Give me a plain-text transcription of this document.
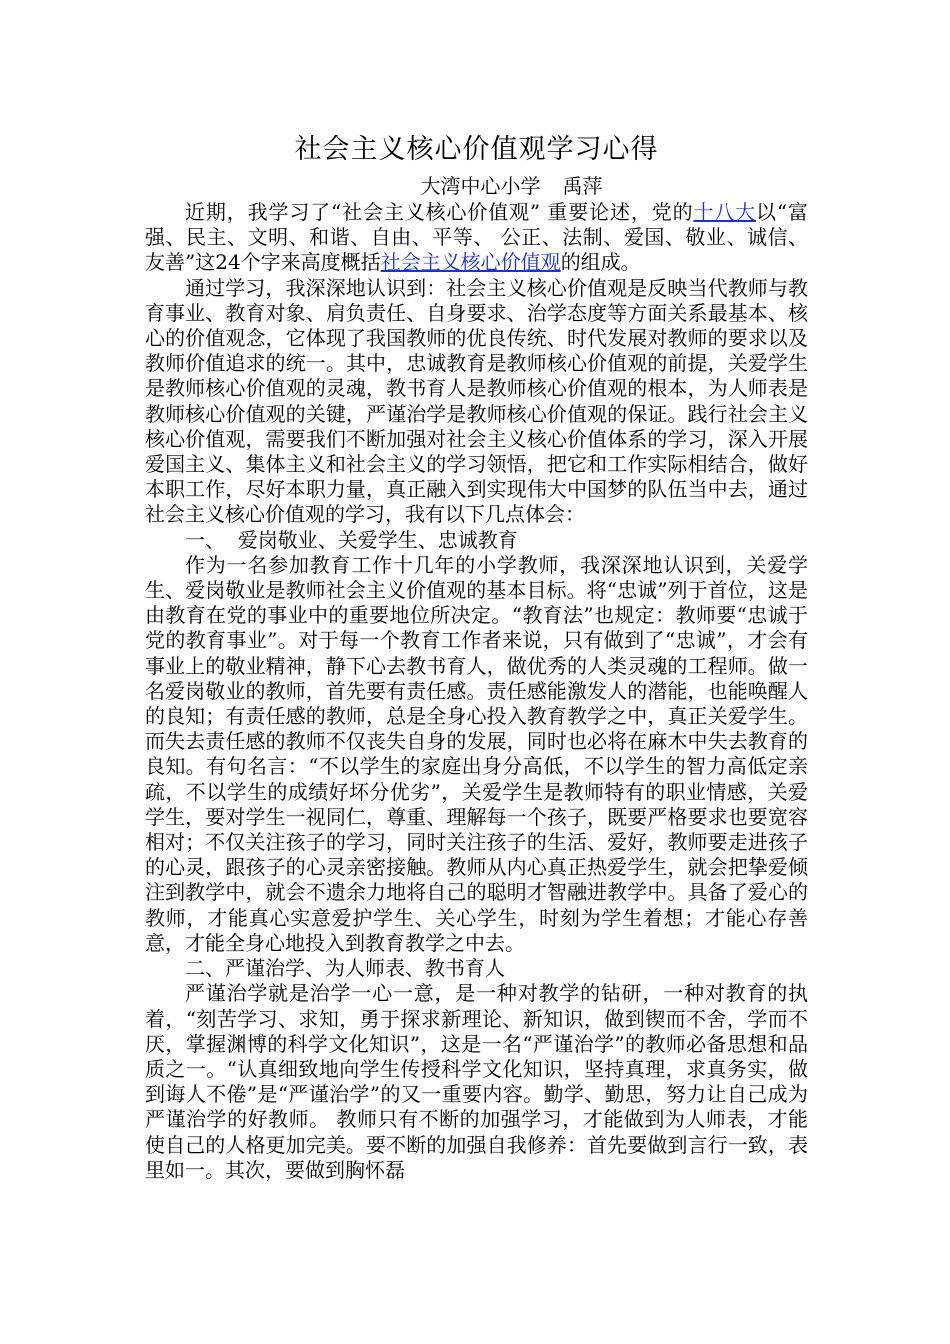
社会主义核心价值观学习心得
大湾中心小学 禹萍

近期，我学习了“社会主义核心价值观” 重要论述，党的十八大以“富强、民主、文明、和谐、自由、平等、 公正、法制、爱国、敬业、诚信、友善”这24个字来高度概括社会主义核心价值观的组成。

通过学习，我深深地认识到：社会主义核心价值观是反映当代教师与教育事业、教育对象、肩负责任、自身要求、治学态度等方面关系最基本、核心的价值观念，它体现了我国教师的优良传统、时代发展对教师的要求以及教师价值追求的统一。其中，忠诚教育是教师核心价值观的前提，关爱学生是教师核心价值观的灵魂，教书育人是教师核心价值观的根本，为人师表是教师核心价值观的关键，严谨治学是教师核心价值观的保证。践行社会主义核心价值观，需要我们不断加强对社会主义核心价值体系的学习，深入开展爱国主义、集体主义和社会主义的学习领悟，把它和工作实际相结合，做好本职工作，尽好本职力量，真正融入到实现伟大中国梦的队伍当中去，通过社会主义核心价值观的学习，我有以下几点体会：

一、  爱岗敬业、关爱学生、忠诚教育

作为一名参加教育工作十几年的小学教师，我深深地认识到，关爱学生、爱岗敬业是教师社会主义价值观的基本目标。将“忠诚”列于首位，这是由教育在党的事业中的重要地位所决定。“教育法”也规定：教师要“忠诚于党的教育事业”。对于每一个教育工作者来说，只有做到了“忠诚”，才会有事业上的敬业精神，静下心去教书育人，做优秀的人类灵魂的工程师。做一名爱岗敬业的教师，首先要有责任感。责任感能激发人的潜能，也能唤醒人的良知；有责任感的教师，总是全身心投入教育教学之中，真正关爱学生。而失去责任感的教师不仅丧失自身的发展，同时也必将在麻木中失去教育的良知。有句名言：“不以学生的家庭出身分高低，不以学生的智力高低定亲疏，不以学生的成绩好坏分优劣”，关爱学生是教师特有的职业情感，关爱学生，要对学生一视同仁，尊重、理解每一个孩子，既要严格要求也要宽容相对；不仅关注孩子的学习，同时关注孩子的生活、爱好，教师要走进孩子的心灵，跟孩子的心灵亲密接触。教师从内心真正热爱学生，就会把挚爱倾注到教学中，就会不遗余力地将自己的聪明才智融进教学中。具备了爱心的教师，才能真心实意爱护学生、关心学生，时刻为学生着想；才能心存善意，才能全身心地投入到教育教学之中去。

二、严谨治学、为人师表、教书育人

严谨治学就是治学一心一意，是一种对教学的钻研，一种对教育的执着，“刻苦学习、求知，勇于探求新理论、新知识，做到锲而不舍，学而不厌，掌握渊博的科学文化知识”，这是一名“严谨治学”的教师必备思想和品质之一。“认真细致地向学生传授科学文化知识，坚持真理，求真务实，做到诲人不倦”是“严谨治学”的又一重要内容。勤学、勤思，努力让自己成为严谨治学的好教师。 教师只有不断的加强学习，才能做到为人师表，才能使自己的人格更加完美。要不断的加强自我修养：首先要做到言行一致，表里如一。其次，要做到胸怀磊
